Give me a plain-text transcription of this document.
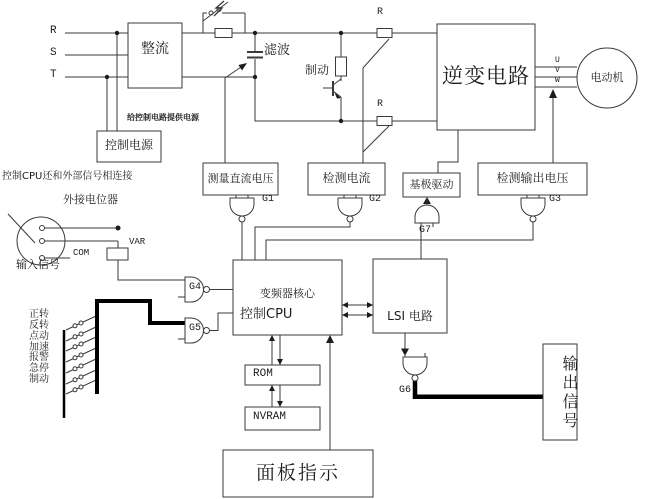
R
S
T
整流	滤波
制动	逆变电路	电动机
控制电源
给控制电路提供电源
R
R
U
V
W
测量直流电压	检测电流	基极驱动	检测输出电压
G1	G2	G3
G7
G4
G5
G6
控制CPU还和外部信号相连接
外接电位器
输入信号
COM
VAR
变频器核心
控制CPU	LSI 电路
ROM
NVRAM
面板指示
输出信号
正转
反转
点动
加速
报警
急停
制动
